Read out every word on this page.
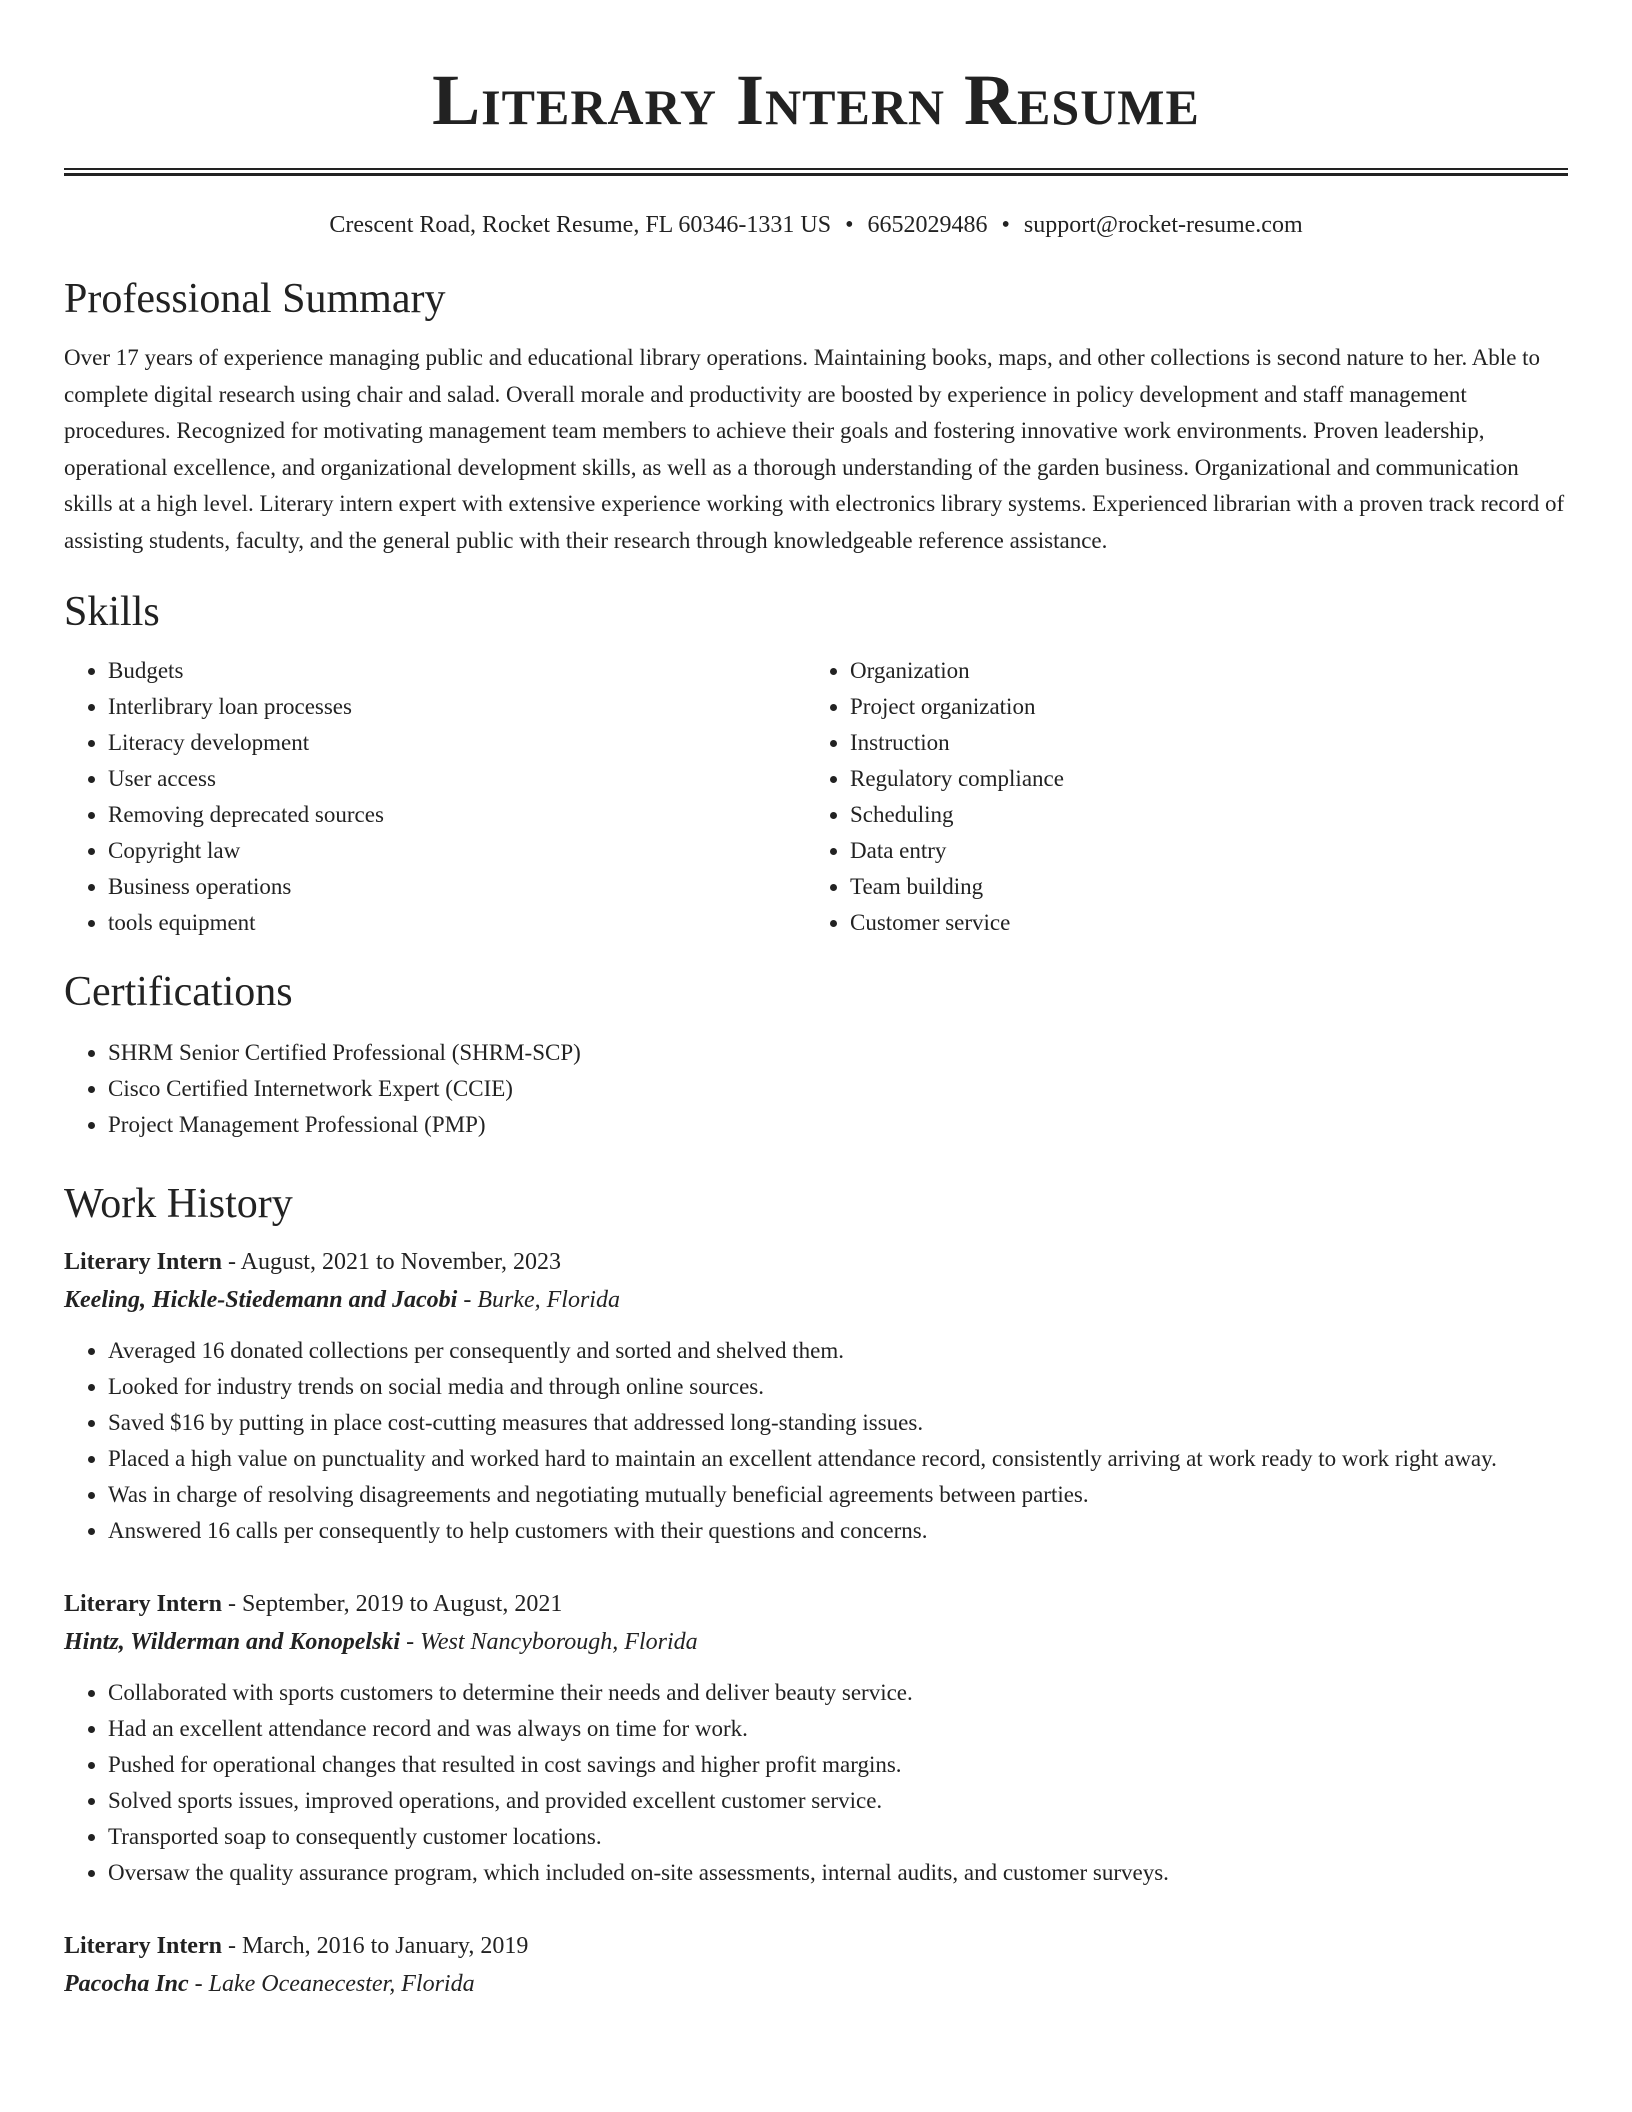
Literary Intern Resume
Crescent Road, Rocket Resume, FL 60346-1331 US • 6652029486 • support@rocket-resume.com
Professional Summary

Over 17 years of experience managing public and educational library operations. Maintaining books, maps, and other collections is second nature to her. Able to complete digital research using chair and salad. Overall morale and productivity are boosted by experience in policy development and staff management procedures. Recognized for motivating management team members to achieve their goals and fostering innovative work environments. Proven leadership, operational excellence, and organizational development skills, as well as a thorough understanding of the garden business. Organizational and communication skills at a high level. Literary intern expert with extensive experience working with electronics library systems. Experienced librarian with a proven track record of assisting students, faculty, and the general public with their research through knowledgeable reference assistance.

Skills
• Budgets
• Interlibrary loan processes
• Literacy development
• User access
• Removing deprecated sources
• Copyright law
• Business operations
• tools equipment
• Organization
• Project organization
• Instruction
• Regulatory compliance
• Scheduling
• Data entry
• Team building
• Customer service
Certifications
• SHRM Senior Certified Professional (SHRM-SCP)
• Cisco Certified Internetwork Expert (CCIE)
• Project Management Professional (PMP)
Work History
Literary Intern - August, 2021 to November, 2023
Keeling, Hickle-Stiedemann and Jacobi - Burke, Florida
• Averaged 16 donated collections per consequently and sorted and shelved them.
• Looked for industry trends on social media and through online sources.
• Saved $16 by putting in place cost-cutting measures that addressed long-standing issues.
• Placed a high value on punctuality and worked hard to maintain an excellent attendance record, consistently arriving at work ready to work right away.
• Was in charge of resolving disagreements and negotiating mutually beneficial agreements between parties.
• Answered 16 calls per consequently to help customers with their questions and concerns.
Literary Intern - September, 2019 to August, 2021
Hintz, Wilderman and Konopelski - West Nancyborough, Florida
• Collaborated with sports customers to determine their needs and deliver beauty service.
• Had an excellent attendance record and was always on time for work.
• Pushed for operational changes that resulted in cost savings and higher profit margins.
• Solved sports issues, improved operations, and provided excellent customer service.
• Transported soap to consequently customer locations.
• Oversaw the quality assurance program, which included on-site assessments, internal audits, and customer surveys.
Literary Intern - March, 2016 to January, 2019
Pacocha Inc - Lake Oceanecester, Florida
